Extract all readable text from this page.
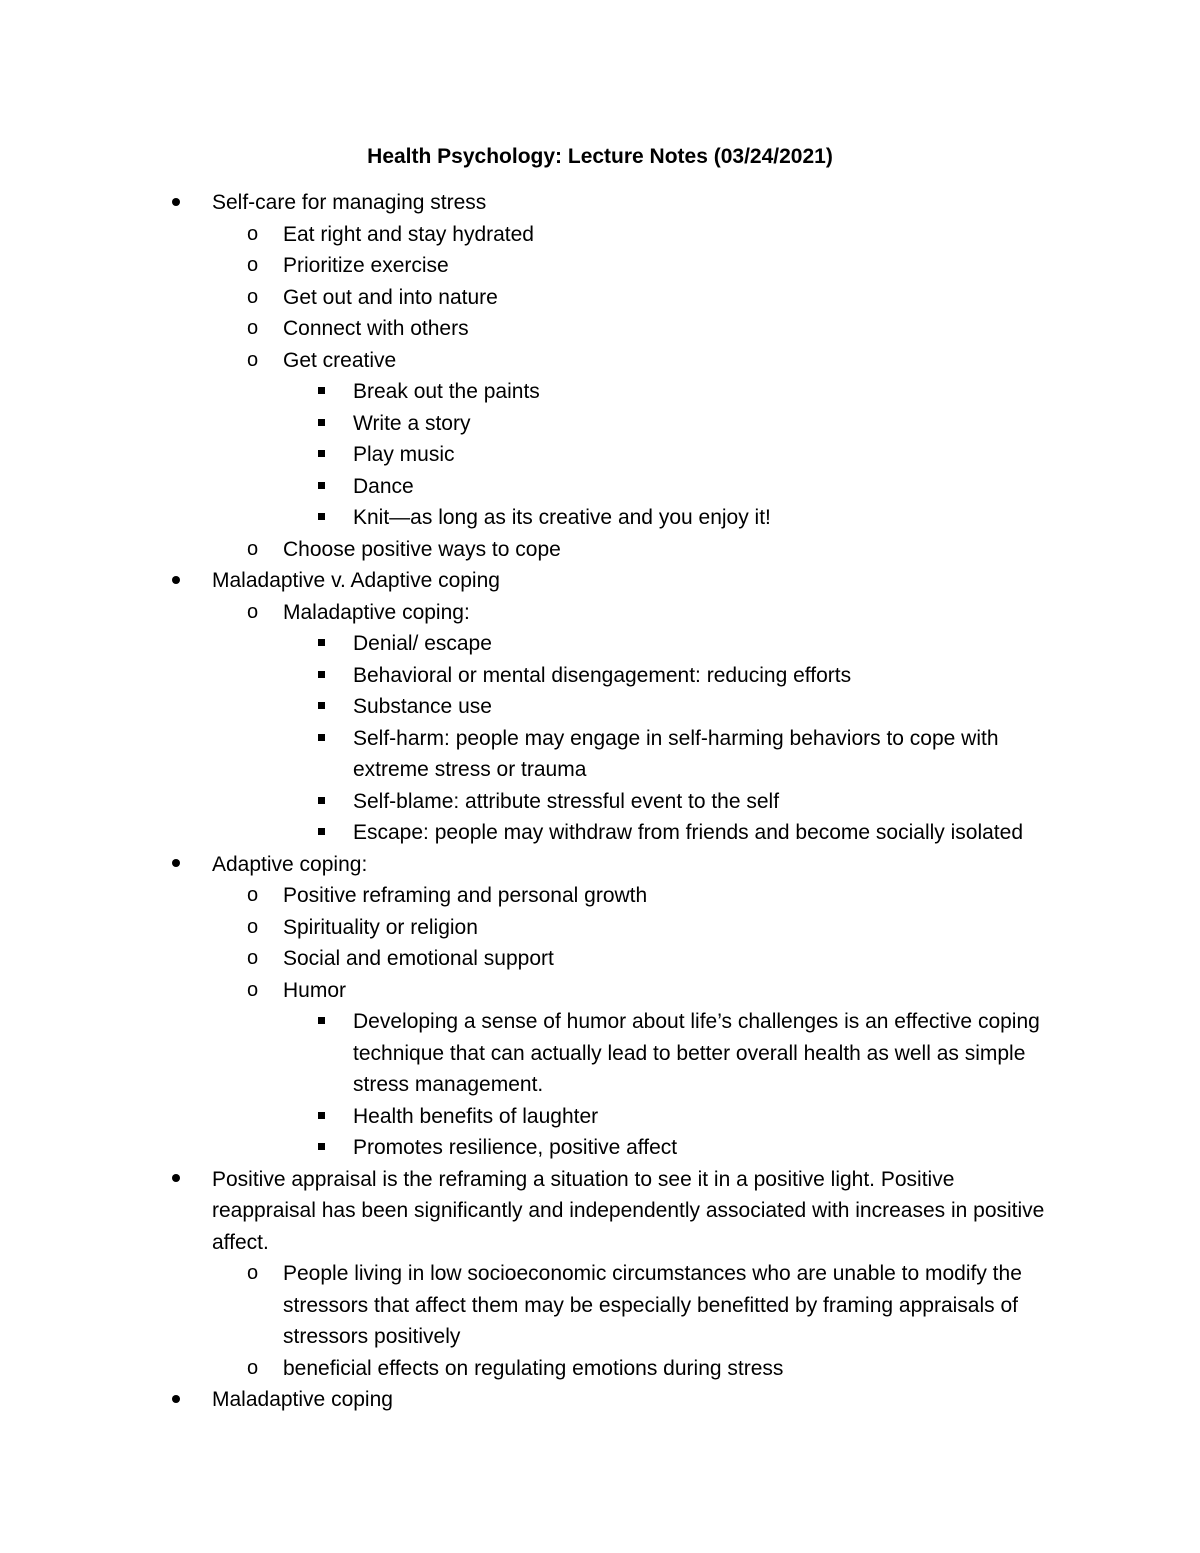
Health Psychology: Lecture Notes (03/24/2021)
Self-care for managing stress
o Eat right and stay hydrated
o Prioritize exercise
o Get out and into nature
o Connect with others
o Get creative
Break out the paints
Write a story
Play music
Dance
Knit—as long as its creative and you enjoy it!
o Choose positive ways to cope
Maladaptive v. Adaptive coping
o Maladaptive coping:
Denial/ escape
Behavioral or mental disengagement: reducing efforts
Substance use
Self-harm: people may engage in self-harming behaviors to cope with extreme stress or trauma
Self-blame: attribute stressful event to the self
Escape: people may withdraw from friends and become socially isolated
Adaptive coping:
o Positive reframing and personal growth
o Spirituality or religion
o Social and emotional support
o Humor
Developing a sense of humor about life’s challenges is an effective coping technique that can actually lead to better overall health as well as simple stress management.
Health benefits of laughter
Promotes resilience, positive affect
Positive appraisal is the reframing a situation to see it in a positive light. Positive reappraisal has been significantly and independently associated with increases in positive affect.
o People living in low socioeconomic circumstances who are unable to modify the stressors that affect them may be especially benefitted by framing appraisals of stressors positively
o beneficial effects on regulating emotions during stress
Maladaptive coping
